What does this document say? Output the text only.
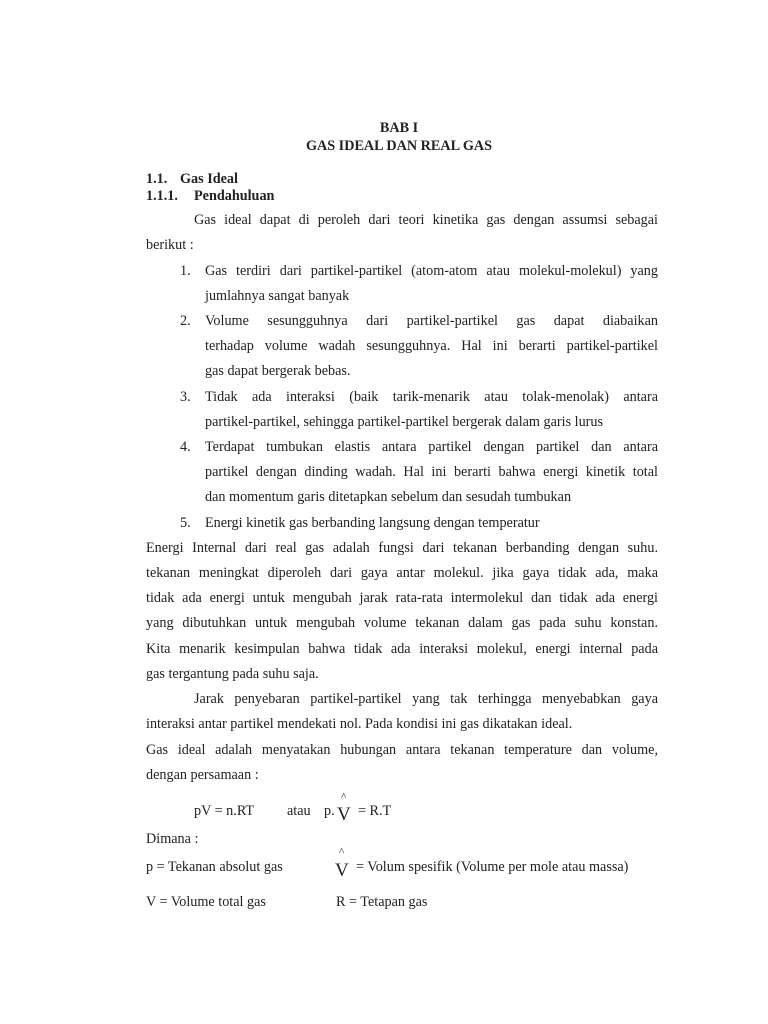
BAB I
GAS IDEAL DAN REAL GAS
1.1. Gas Ideal
1.1.1. Pendahuluan
Gas ideal dapat di peroleh dari teori kinetika gas dengan assumsi sebagai
berikut :
1. Gas terdiri dari partikel-partikel (atom-atom atau molekul-molekul) yang
jumlahnya sangat banyak
2. Volume sesungguhnya dari partikel-partikel gas dapat diabaikan
terhadap volume wadah sesungguhnya. Hal ini berarti partikel-partikel
gas dapat bergerak bebas.
3. Tidak ada interaksi (baik tarik-menarik atau tolak-menolak) antara
partikel-partikel, sehingga partikel-partikel bergerak dalam garis lurus
4. Terdapat tumbukan elastis antara partikel dengan partikel dan antara
partikel dengan dinding wadah. Hal ini berarti bahwa energi kinetik total
dan momentum garis ditetapkan sebelum dan sesudah tumbukan
5. Energi kinetik gas berbanding langsung dengan temperatur
Energi Internal dari real gas adalah fungsi dari tekanan berbanding dengan suhu.
tekanan meningkat diperoleh dari gaya antar molekul. jika gaya tidak ada, maka
tidak ada energi untuk mengubah jarak rata-rata intermolekul dan tidak ada energi
yang dibutuhkan untuk mengubah volume tekanan dalam gas pada suhu konstan.
Kita menarik kesimpulan bahwa tidak ada interaksi molekul, energi internal pada
gas tergantung pada suhu saja.
Jarak penyebaran partikel-partikel yang tak terhingga menyebabkan gaya
interaksi antar partikel mendekati nol. Pada kondisi ini gas dikatakan ideal.
Gas ideal adalah menyatakan hubungan antara tekanan temperature dan volume,
dengan persamaan :
pV = n.RT atau p.
^
V = R.T
Dimana :
p = Tekanan absolut gas
^
V = Volum spesifik (Volume per mole atau massa)
V = Volume total gas	R = Tetapan gas
